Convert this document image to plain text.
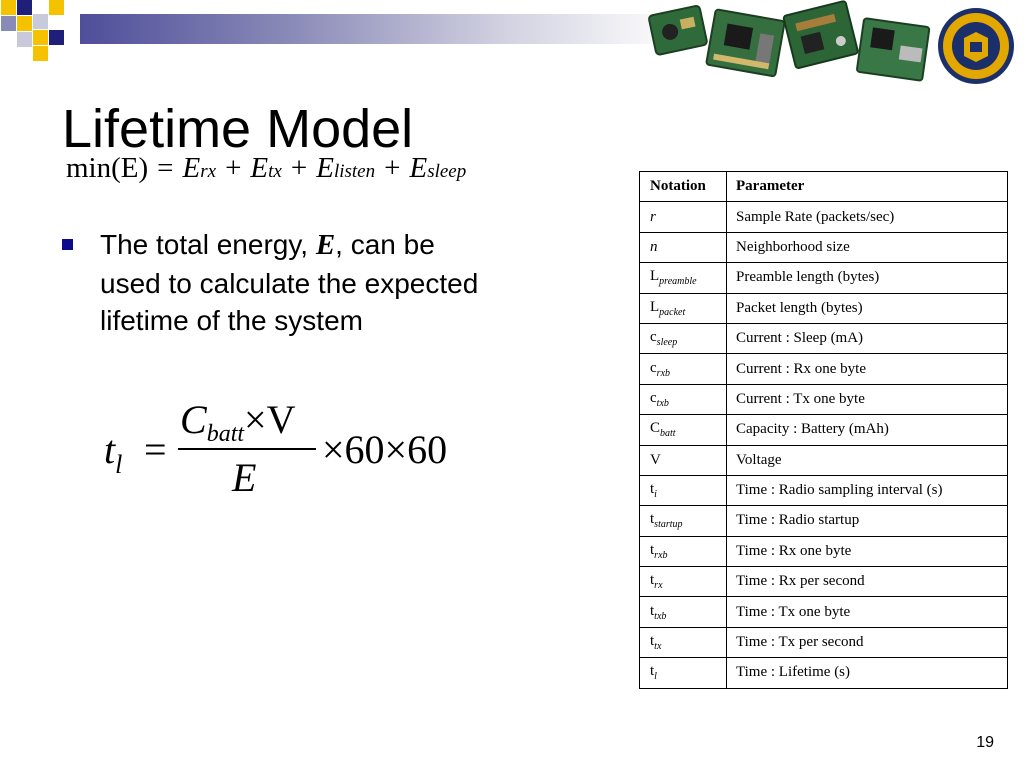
Lifetime Model
min(E) = E rx + E tx + E listen + E sleep
The total energy, E, can be used to calculate the expected lifetime of the system
$t_l$ =
$C_{batt}\times V$
E
×60×60
Notation	Parameter
r	Sample Rate (packets/sec)
n	Neighborhood size
$L_{preamble}$	Preamble length (bytes)
$L_{packet}$	Packet length (bytes)
$c_{sleep}$	Current : Sleep (mA)
$c_{rxb}$	Current : Rx one byte
$c_{txb}$	Current : Tx one byte
$C_{batt}$	Capacity : Battery (mAh)
V	Voltage
$t_i$	Time : Radio sampling interval (s)
$t_{startup}$	Time : Radio startup
$t_{rxb}$	Time : Rx one byte
$t_{rx}$	Time : Rx per second
$t_{txb}$	Time : Tx one byte
$t_{tx}$	Time : Tx per second
$t_l$	Time : Lifetime (s)
19
